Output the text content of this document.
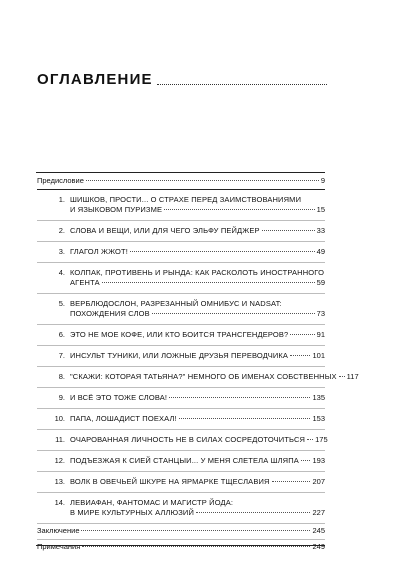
ОГЛАВЛЕНИЕ
Предисловие	9
1. ШИШКОВ, ПРОСТИ... О СТРАХЕ ПЕРЕД ЗАИМСТВОВАНИЯМИ
И ЯЗЫКОВОМ ПУРИЗМЕ	15
2. СЛОВА И ВЕЩИ, ИЛИ ДЛЯ ЧЕГО ЭЛЬФУ ПЕЙДЖЕР	33
3. ГЛАГОЛ ЖЖОТ!	49
4. КОЛПАК, ПРОТИВЕНЬ И РЫНДА: КАК РАСКОЛОТЬ ИНОСТРАННОГО
АГЕНТА	59
5. ВЕРБЛЮДОСЛОН, РАЗРЕЗАННЫЙ ОМНИБУС И NADSAT:
ПОХОЖДЕНИЯ СЛОВ	73
6. ЭТО НЕ МОЕ КОФЕ, ИЛИ КТО БОИТСЯ ТРАНСГЕНДЕРОВ?	91
7. ИНСУЛЬТ ТУНИКИ, ИЛИ ЛОЖНЫЕ ДРУЗЬЯ ПЕРЕВОДЧИКА	101
8. "СКАЖИ: КОТОРАЯ ТАТЬЯНА?" НЕМНОГО ОБ ИМЕНАХ СОБСТВЕННЫХ 117
9. И ВСЁ ЭТО ТОЖЕ СЛОВА!	135
10. ПАПА, ЛОШАДИСТ ПОЕХАЛ!	153
11. ОЧАРОВАННАЯ ЛИЧНОСТЬ НЕ В СИЛАХ СОСРЕДОТОЧИТЬСЯ 175
12. ПОДЪЕЗЖАЯ К СИЕЙ СТАНЦЫИ... У МЕНЯ СЛЕТЕЛА ШЛЯПА 193
13. ВОЛК В ОВЕЧЬЕЙ ШКУРЕ НА ЯРМАРКЕ ТЩЕСЛАВИЯ	207
14. ЛЕВИАФАН, ФАНТОМАС И МАГИСТР ЙОДА:
В МИРЕ КУЛЬТУРНЫХ АЛЛЮЗИЙ	227
Заключение	245
Примечания	249
